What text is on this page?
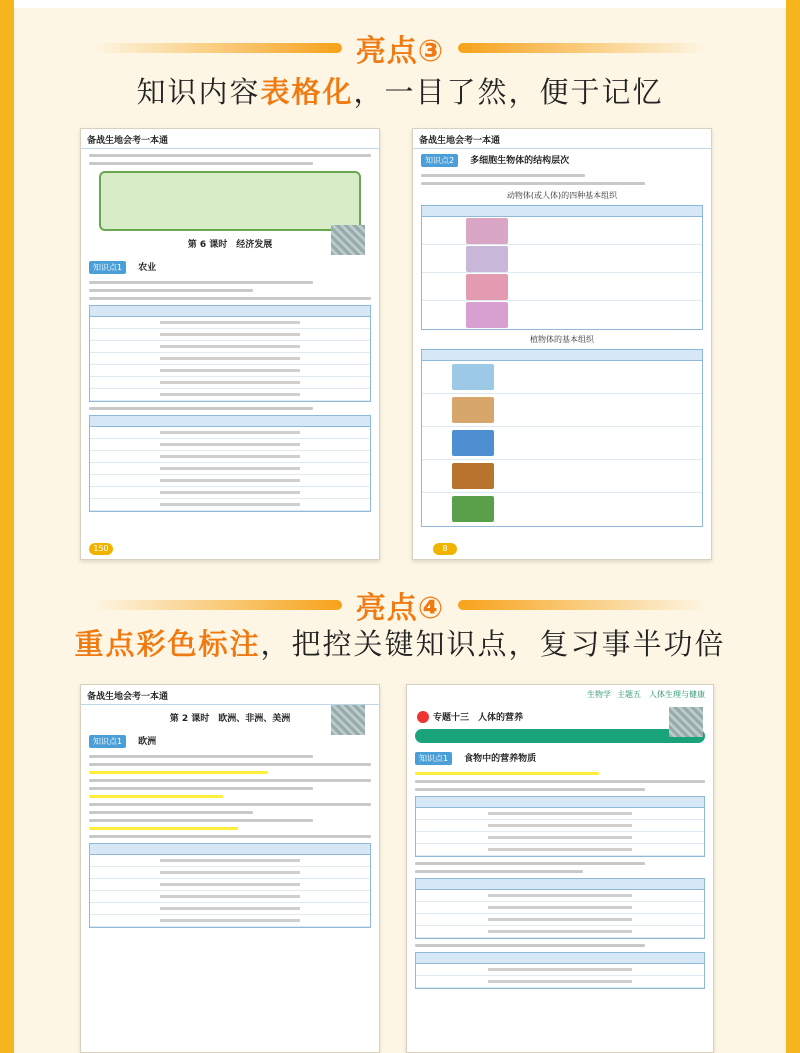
亮点③
知识内容表格化，一目了然，便于记忆
备战生地会考一本通
第 6 课时　经济发展
知识点1 农业
150
备战生地会考一本通
知识点2 多细胞生物体的结构层次
动物体(或人体)的四种基本组织
植物体的基本组织
8
亮点④
重点彩色标注，把控关键知识点，复习事半功倍
备战生地会考一本通
第 2 课时　欧洲、非洲、美洲
知识点1 欧洲
生物学 主题五　人体生理与健康
专题十三　人体的营养
知识点1 食物中的营养物质
